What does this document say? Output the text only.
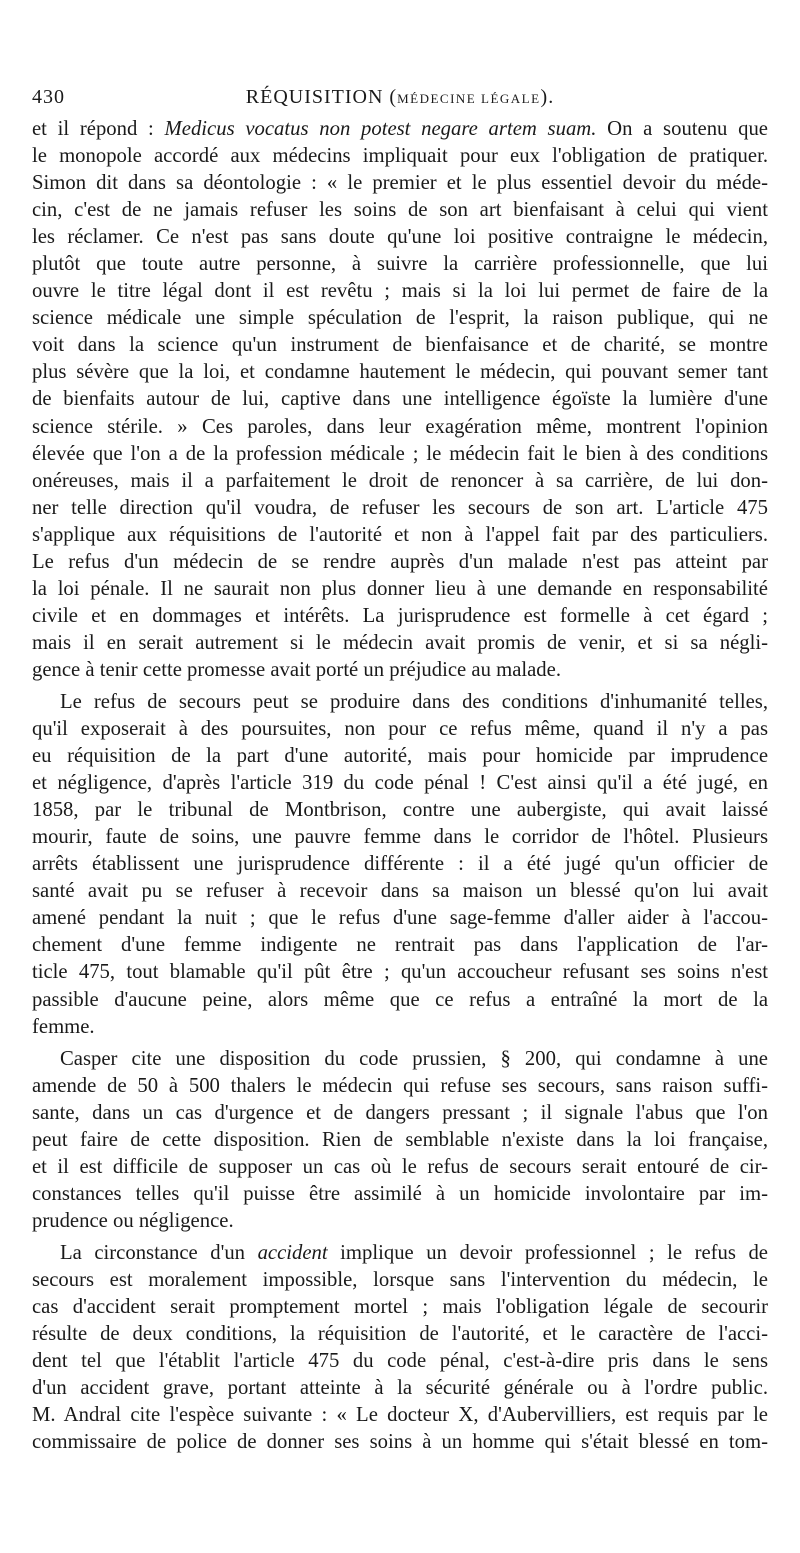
430	RÉQUISITION (MÉDECINE LÉGALE).
et il répond : Medicus vocatus non potest negare artem suam. On a soutenu que
le monopole accordé aux médecins impliquait pour eux l'obligation de pratiquer.
Simon dit dans sa déontologie : « le premier et le plus essentiel devoir du méde-
cin, c'est de ne jamais refuser les soins de son art bienfaisant à celui qui vient
les réclamer. Ce n'est pas sans doute qu'une loi positive contraigne le médecin,
plutôt que toute autre personne, à suivre la carrière professionnelle, que lui
ouvre le titre légal dont il est revêtu ; mais si la loi lui permet de faire de la
science médicale une simple spéculation de l'esprit, la raison publique, qui ne
voit dans la science qu'un instrument de bienfaisance et de charité, se montre
plus sévère que la loi, et condamne hautement le médecin, qui pouvant semer tant
de bienfaits autour de lui, captive dans une intelligence égoïste la lumière d'une
science stérile. » Ces paroles, dans leur exagération même, montrent l'opinion
élevée que l'on a de la profession médicale ; le médecin fait le bien à des conditions
onéreuses, mais il a parfaitement le droit de renoncer à sa carrière, de lui don-
ner telle direction qu'il voudra, de refuser les secours de son art. L'article 475
s'applique aux réquisitions de l'autorité et non à l'appel fait par des particuliers.
Le refus d'un médecin de se rendre auprès d'un malade n'est pas atteint par
la loi pénale. Il ne saurait non plus donner lieu à une demande en responsabilité
civile et en dommages et intérêts. La jurisprudence est formelle à cet égard ;
mais il en serait autrement si le médecin avait promis de venir, et si sa négli-
gence à tenir cette promesse avait porté un préjudice au malade.
Le refus de secours peut se produire dans des conditions d'inhumanité telles,
qu'il exposerait à des poursuites, non pour ce refus même, quand il n'y a pas
eu réquisition de la part d'une autorité, mais pour homicide par imprudence
et négligence, d'après l'article 319 du code pénal ! C'est ainsi qu'il a été jugé, en
1858, par le tribunal de Montbrison, contre une aubergiste, qui avait laissé
mourir, faute de soins, une pauvre femme dans le corridor de l'hôtel. Plusieurs
arrêts établissent une jurisprudence différente : il a été jugé qu'un officier de
santé avait pu se refuser à recevoir dans sa maison un blessé qu'on lui avait
amené pendant la nuit ; que le refus d'une sage-femme d'aller aider à l'accou-
chement d'une femme indigente ne rentrait pas dans l'application de l'ar-
ticle 475, tout blamable qu'il pût être ; qu'un accoucheur refusant ses soins n'est
passible d'aucune peine, alors même que ce refus a entraîné la mort de la
femme.
Casper cite une disposition du code prussien, § 200, qui condamne à une
amende de 50 à 500 thalers le médecin qui refuse ses secours, sans raison suffi-
sante, dans un cas d'urgence et de dangers pressant ; il signale l'abus que l'on
peut faire de cette disposition. Rien de semblable n'existe dans la loi française,
et il est difficile de supposer un cas où le refus de secours serait entouré de cir-
constances telles qu'il puisse être assimilé à un homicide involontaire par im-
prudence ou négligence.
La circonstance d'un accident implique un devoir professionnel ; le refus de
secours est moralement impossible, lorsque sans l'intervention du médecin, le
cas d'accident serait promptement mortel ; mais l'obligation légale de secourir
résulte de deux conditions, la réquisition de l'autorité, et le caractère de l'acci-
dent tel que l'établit l'article 475 du code pénal, c'est-à-dire pris dans le sens
d'un accident grave, portant atteinte à la sécurité générale ou à l'ordre public.
M. Andral cite l'espèce suivante : « Le docteur X, d'Aubervilliers, est requis par le
commissaire de police de donner ses soins à un homme qui s'était blessé en tom-
